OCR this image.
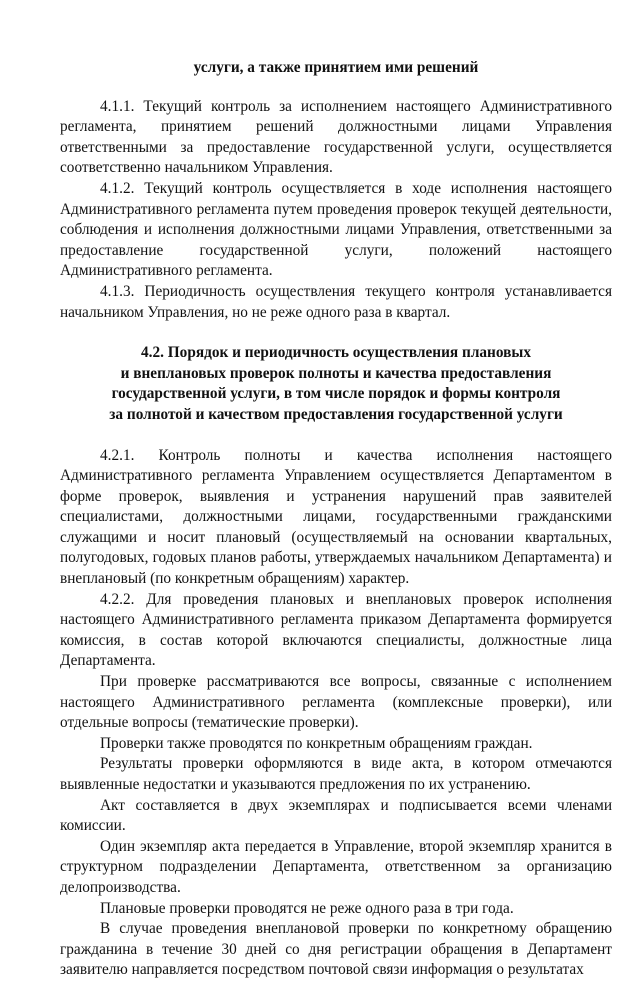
услуги, а также принятием ими решений

4.1.1. Текущий контроль за исполнением настоящего Административного регламента, принятием решений должностными лицами Управления ответственными за предоставление государственной услуги, осуществляется соответственно начальником Управления.

4.1.2. Текущий контроль осуществляется в ходе исполнения настоящего Административного регламента путем проведения проверок текущей деятельности, соблюдения и исполнения должностными лицами Управления, ответственными за предоставление государственной услуги, положений настоящего Административного регламента.

4.1.3. Периодичность осуществления текущего контроля устанавливается начальником Управления, но не реже одного раза в квартал.

4.2. Порядок и периодичность осуществления плановых
и внеплановых проверок полноты и качества предоставления
государственной услуги, в том числе порядок и формы контроля
за полнотой и качеством предоставления государственной услуги

4.2.1. Контроль полноты и качества исполнения настоящего Административного регламента Управлением осуществляется Департаментом в форме проверок, выявления и устранения нарушений прав заявителей специалистами, должностными лицами, государственными гражданскими служащими и носит плановый (осуществляемый на основании квартальных, полугодовых, годовых планов работы, утверждаемых начальником Департамента) и внеплановый (по конкретным обращениям) характер.

4.2.2. Для проведения плановых и внеплановых проверок исполнения настоящего Административного регламента приказом Департамента формируется комиссия, в состав которой включаются специалисты, должностные лица Департамента.

При проверке рассматриваются все вопросы, связанные с исполнением настоящего Административного регламента (комплексные проверки), или отдельные вопросы (тематические проверки).

Проверки также проводятся по конкретным обращениям граждан.

Результаты проверки оформляются в виде акта, в котором отмечаются выявленные недостатки и указываются предложения по их устранению.

Акт составляется в двух экземплярах и подписывается всеми членами комиссии.

Один экземпляр акта передается в Управление, второй экземпляр хранится в структурном подразделении Департамента, ответственном за организацию делопроизводства.

Плановые проверки проводятся не реже одного раза в три года.

В случае проведения внеплановой проверки по конкретному обращению гражданина в течение 30 дней со дня регистрации обращения в Департамент заявителю направляется посредством почтовой связи информация о результатах
